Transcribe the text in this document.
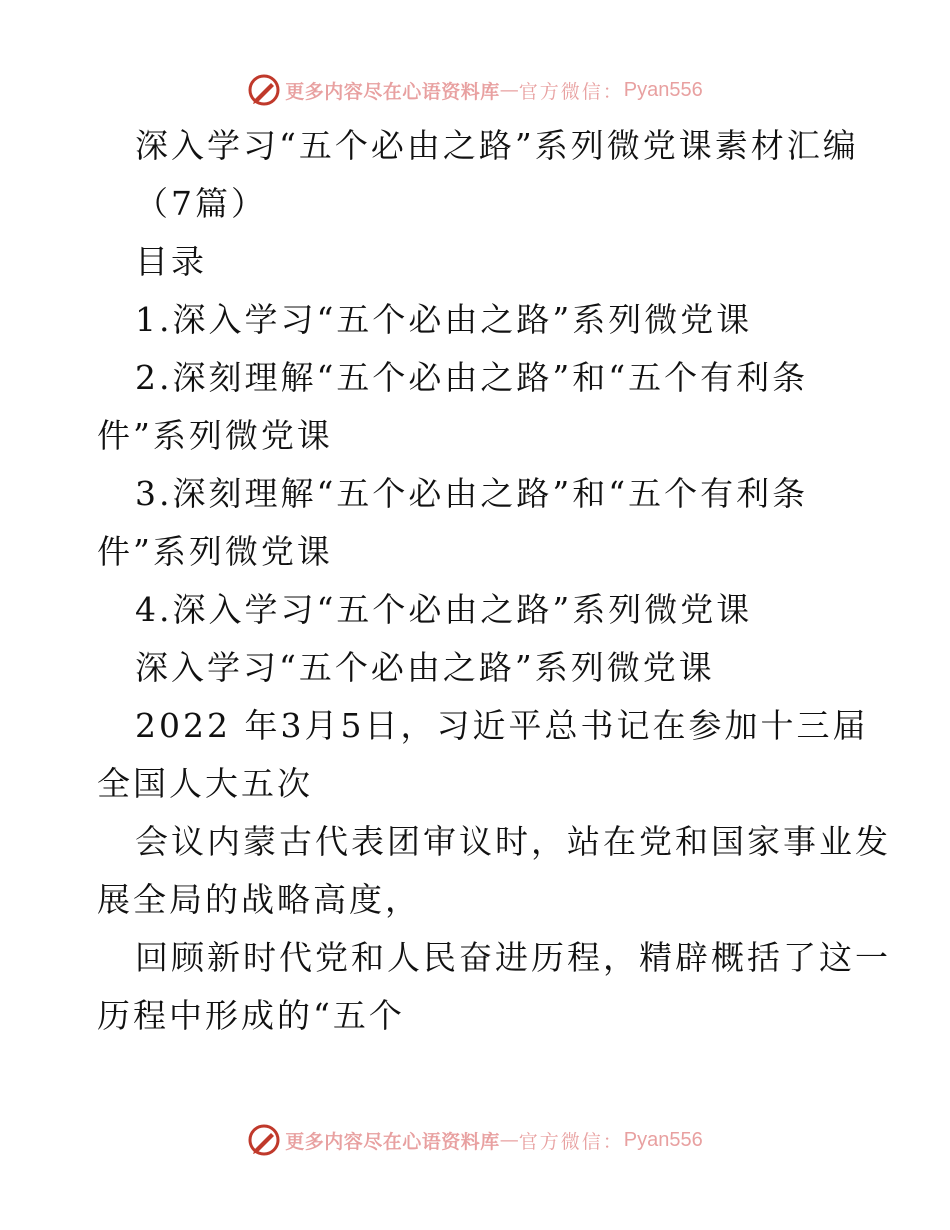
更多内容尽在心语资料库 — 官方微信： Pyan556
深入学习“五个必由之路”系列微党课素材汇编
（7篇）
目录
1.深入学习“五个必由之路”系列微党课
2.深刻理解“五个必由之路”和“五个有利条
件”系列微党课
3.深刻理解“五个必由之路”和“五个有利条
件”系列微党课
4.深入学习“五个必由之路”系列微党课
深入学习“五个必由之路”系列微党课
2022 年3月5日，习近平总书记在参加十三届
全国人大五次
会议内蒙古代表团审议时，站在党和国家事业发
展全局的战略高度，
回顾新时代党和人民奋进历程，精辟概括了这一
历程中形成的“五个
更多内容尽在心语资料库 — 官方微信： Pyan556
